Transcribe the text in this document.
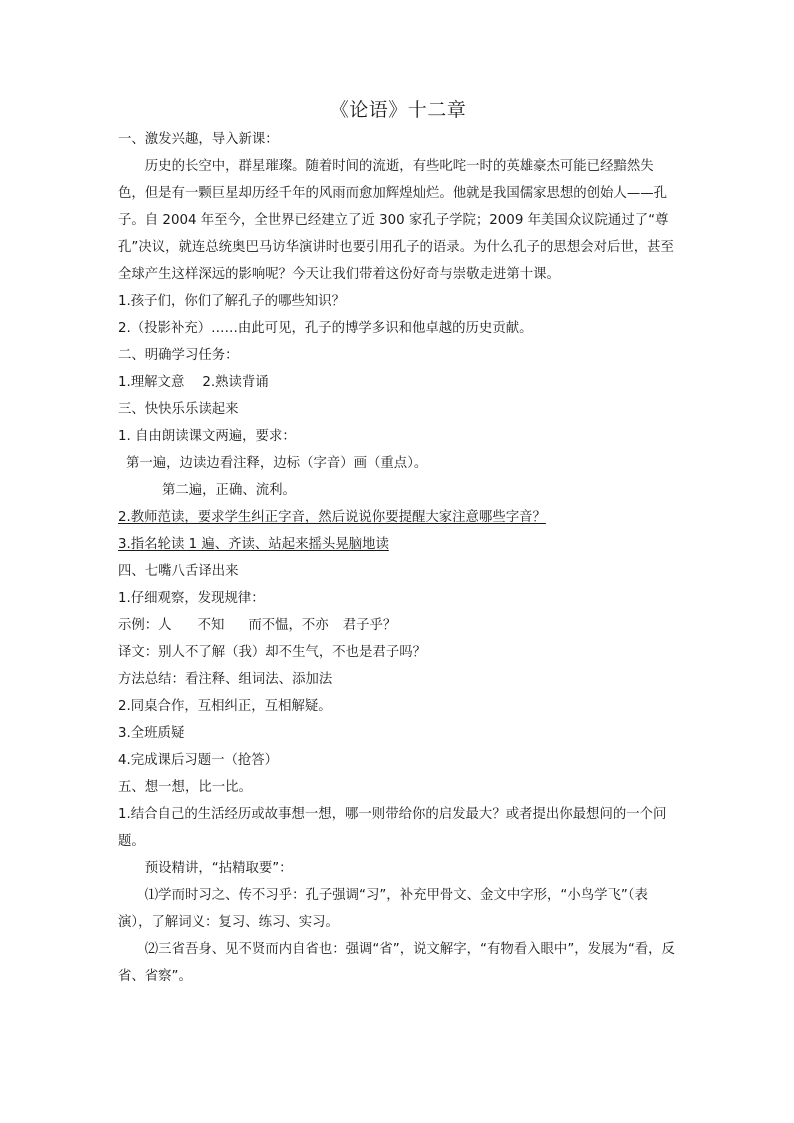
《论语》十二章

一、激发兴趣，导入新课：

历史的长空中，群星璀璨。随着时间的流逝，有些叱咤一时的英雄豪杰可能已经黯然失色，但是有一颗巨星却历经千年的风雨而愈加辉煌灿烂。他就是我国儒家思想的创始人——孔子。自 2004 年至今，全世界已经建立了近 300 家孔子学院；2009 年美国众议院通过了“尊孔”决议，就连总统奥巴马访华演讲时也要引用孔子的语录。为什么孔子的思想会对后世，甚至全球产生这样深远的影响呢？今天让我们带着这份好奇与崇敬走进第十课。

1.孩子们，你们了解孔子的哪些知识？

2.（投影补充）……由此可见，孔子的博学多识和他卓越的历史贡献。

二、明确学习任务：

1.理解文意 2.熟读背诵

三、快快乐乐读起来

1. 自由朗读课文两遍，要求：

第一遍，边读边看注释，边标（字音）画（重点）。

第二遍，正确、流利。

2.教师范读，要求学生纠正字音，然后说说你要提醒大家注意哪些字音？

3.指名轮读 1 遍、齐读、站起来摇头晃脑地读

四、七嘴八舌译出来

1.仔细观察，发现规律：

示例：人 不知 而不愠，不亦 君子乎？

译文：别人不了解（我）却不生气，不也是君子吗？

方法总结：看注释、组词法、添加法

2.同桌合作，互相纠正，互相解疑。

3.全班质疑

4.完成课后习题一（抢答）

五、想一想，比一比。

1.结合自己的生活经历或故事想一想，哪一则带给你的启发最大？或者提出你最想问的一个问题。

预设精讲，“拈精取要”：

⑴学而时习之、传不习乎：孔子强调“习”，补充甲骨文、金文中字形，“小鸟学飞”（表演），了解词义：复习、练习、实习。

⑵三省吾身、见不贤而内自省也：强调“省”，说文解字，“有物看入眼中”，发展为“看，反省、省察”。
